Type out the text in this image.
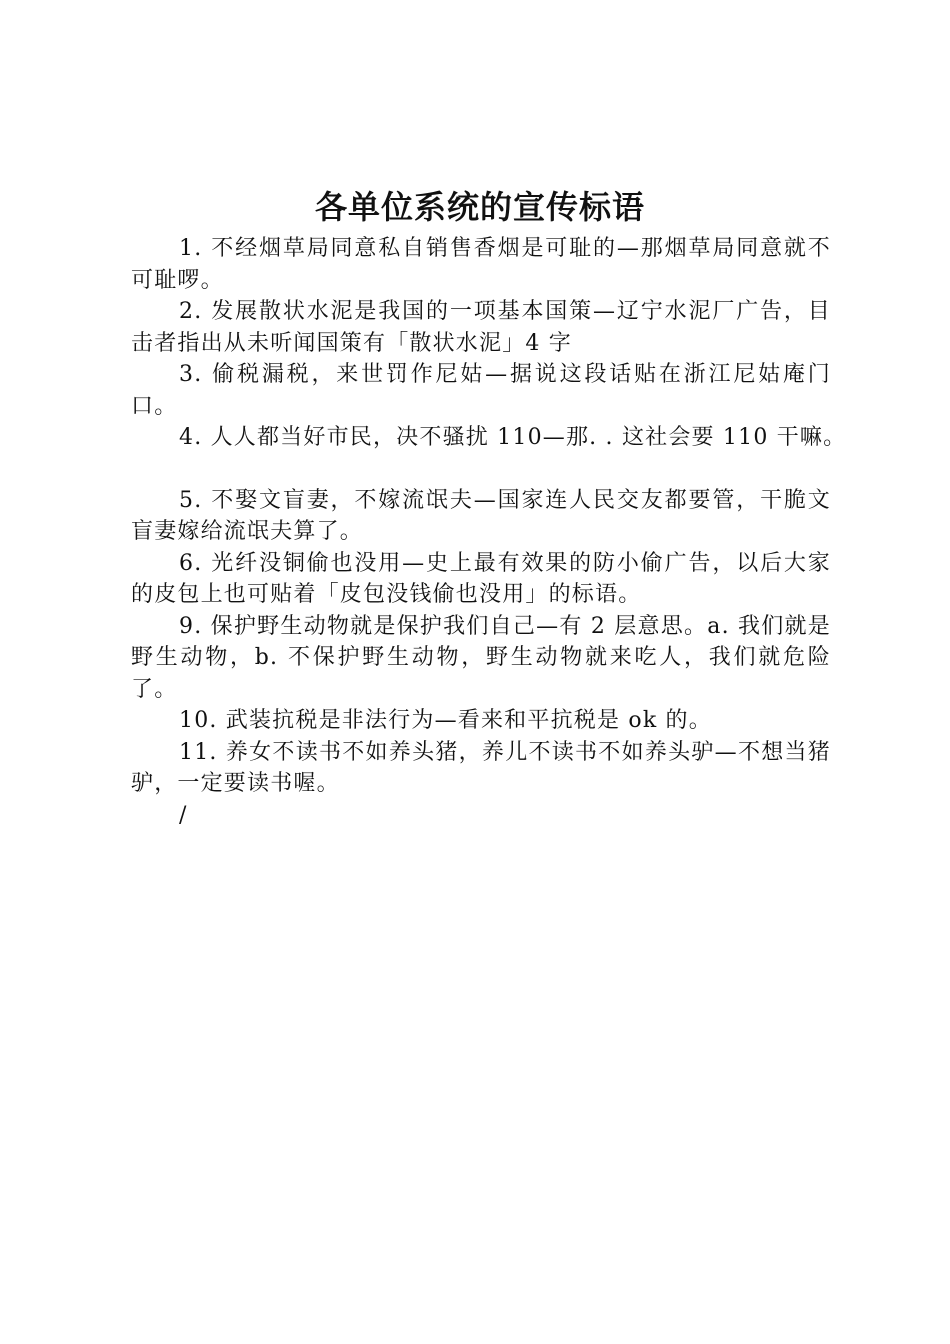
各单位系统的宣传标语

1. 不经烟草局同意私自销售香烟是可耻的—那烟草局同意就不可耻啰。

2. 发展散状水泥是我国的一项基本国策—辽宁水泥厂广告，目击者指出从未听闻国策有「散状水泥」4 字

3. 偷税漏税，来世罚作尼姑—据说这段话贴在浙江尼姑庵门口。

4. 人人都当好市民，决不骚扰 110—那. . 这社会要 110 干嘛。

5. 不娶文盲妻，不嫁流氓夫—国家连人民交友都要管，干脆文盲妻嫁给流氓夫算了。

6. 光纤没铜偷也没用—史上最有效果的防小偷广告，以后大家的皮包上也可贴着「皮包没钱偷也没用」的标语。

9. 保护野生动物就是保护我们自己—有 2 层意思。a. 我们就是野生动物，b. 不保护野生动物，野生动物就来吃人，我们就危险了。

10. 武装抗税是非法行为—看来和平抗税是 ok 的。

11. 养女不读书不如养头猪，养儿不读书不如养头驴—不想当猪驴，一定要读书喔。

/
